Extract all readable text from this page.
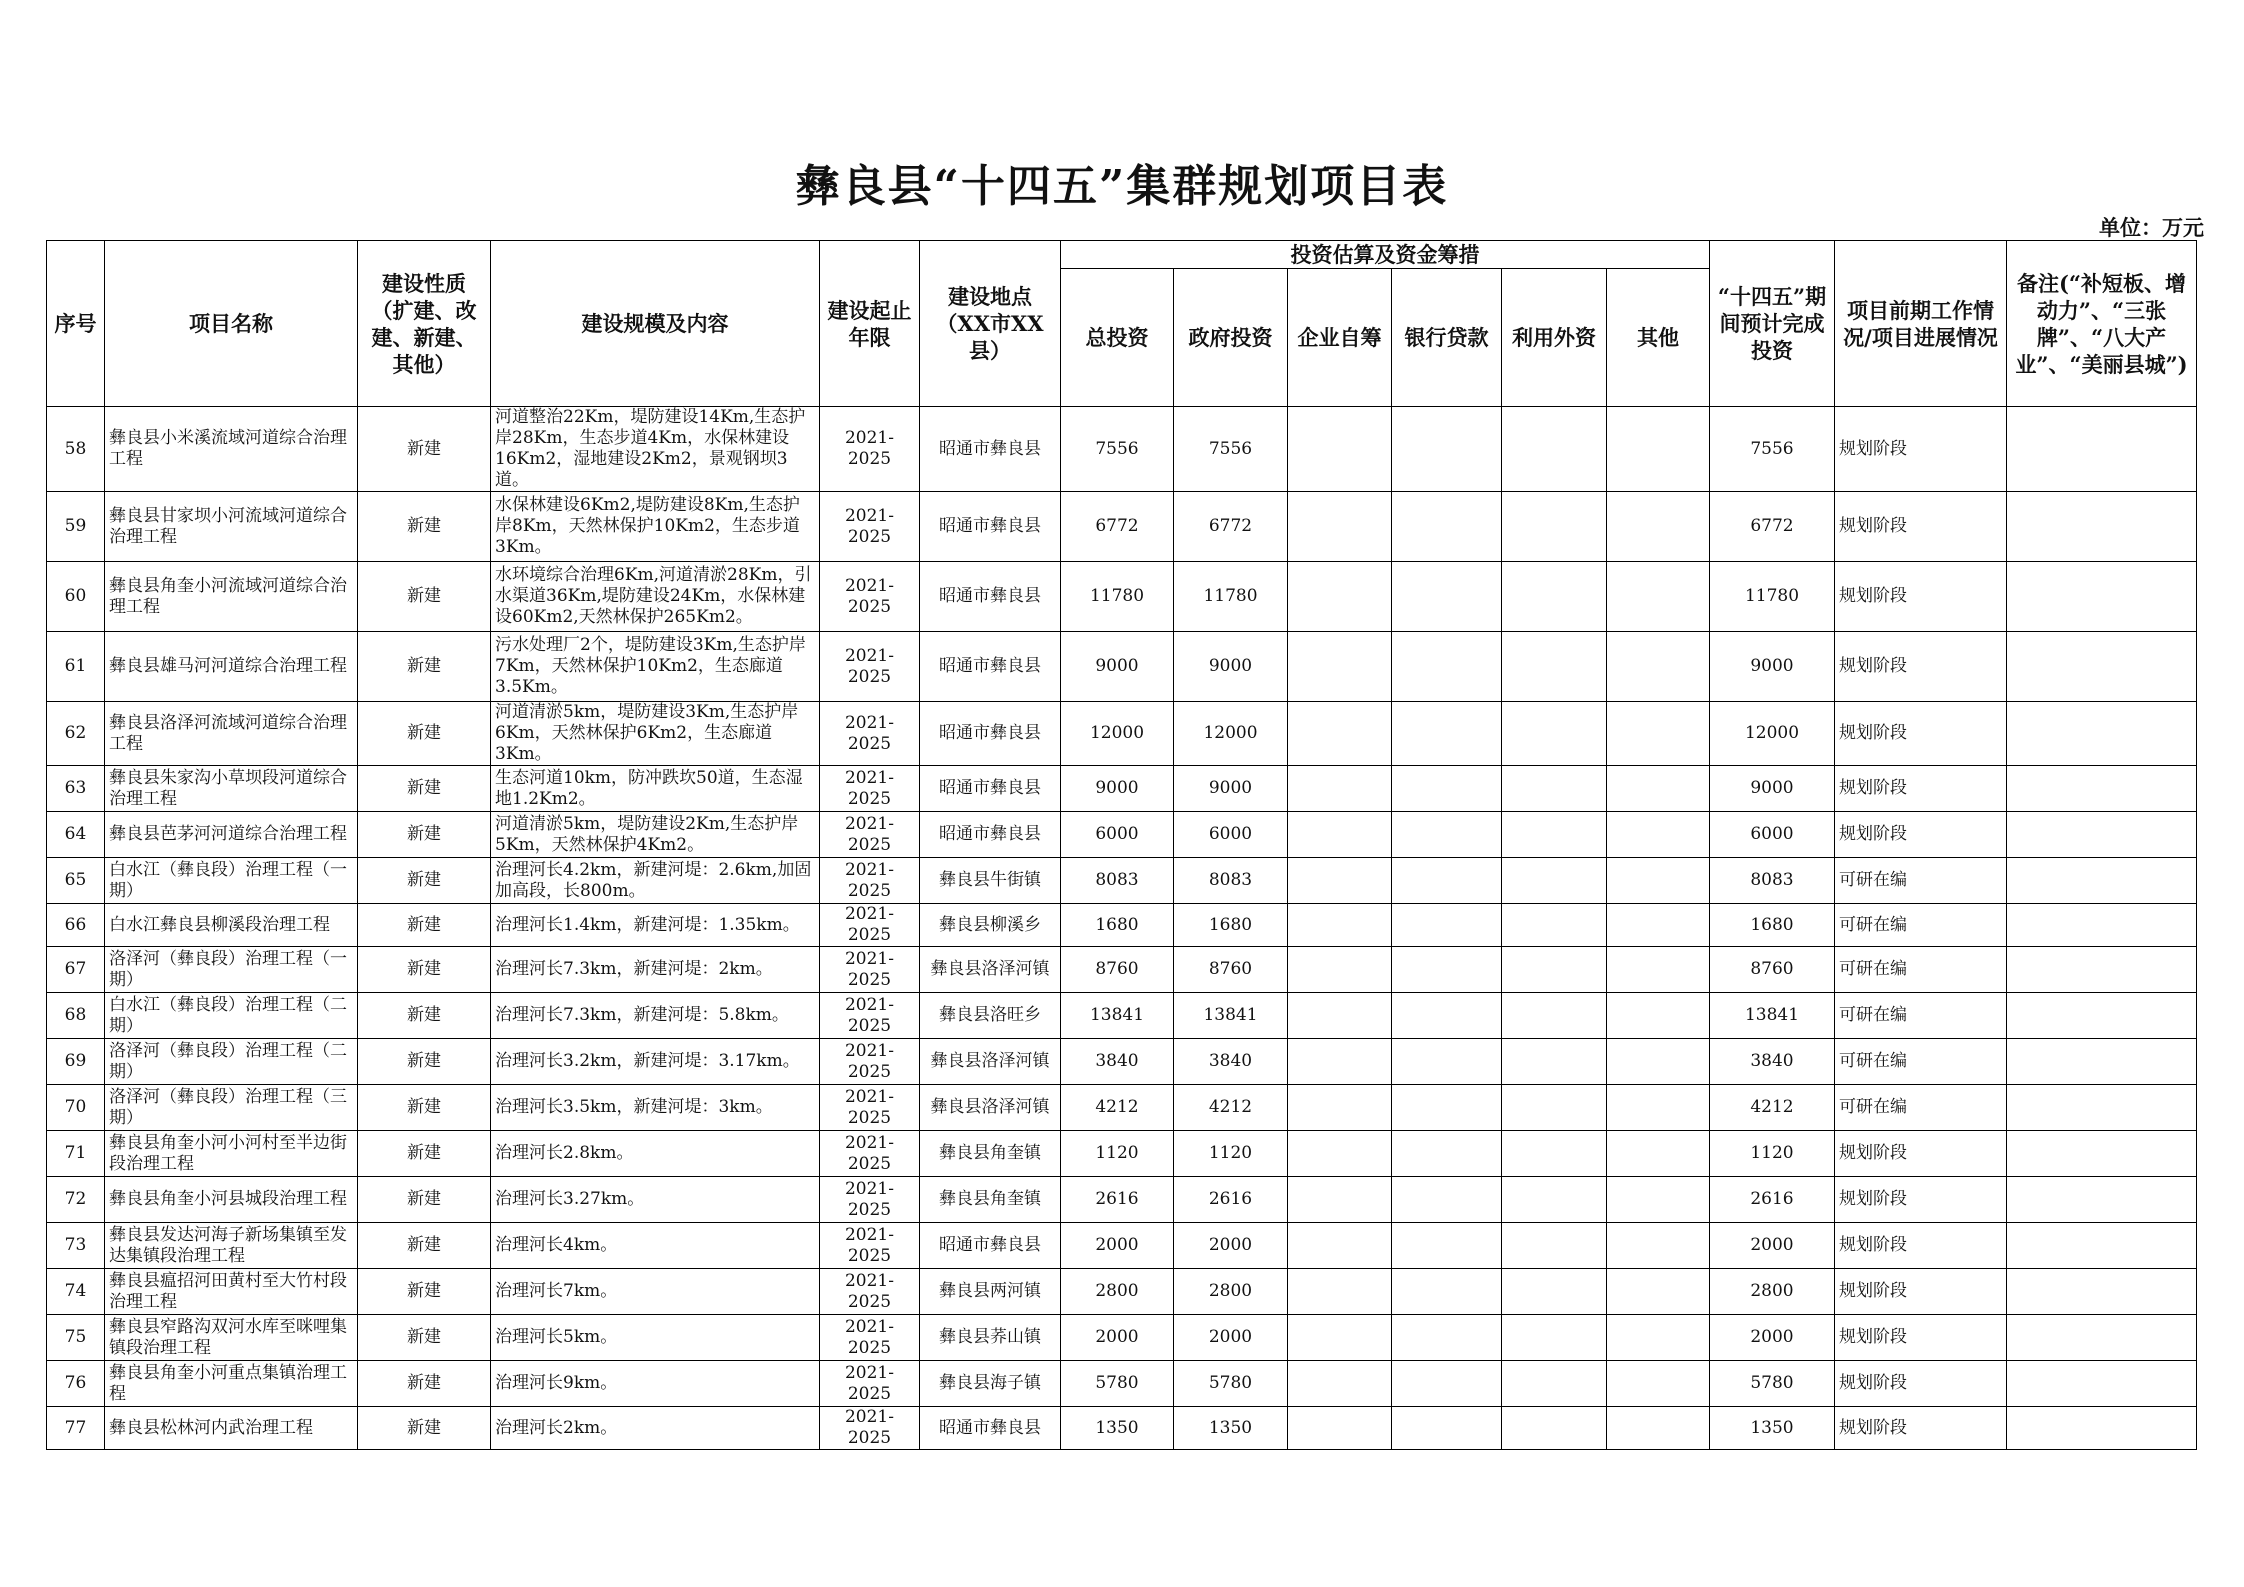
彝良县“十四五”集群规划项目表
单位：万元
序号	项目名称	建设性质（扩建、改建、新建、其他）	建设规模及内容	建设起止年限	建设地点（XX市XX县）	投资估算及资金筹措						“十四五”期间预计完成投资	项目前期工作情况/项目进展情况	备注(“补短板、增动力”、“三张牌”、“八大产业”、“美丽县城”)
						总投资	政府投资	企业自筹	银行贷款	利用外资	其他			
58	彝良县小米溪流域河道综合治理工程	新建	河道整治22Km，堤防建设14Km,生态护岸28Km，生态步道4Km，水保林建设16Km2，湿地建设2Km2，景观钢坝3道。	2021-2025	昭通市彝良县	7556	7556					7556	规划阶段	
59	彝良县甘家坝小河流域河道综合治理工程	新建	水保林建设6Km2,堤防建设8Km,生态护岸8Km，天然林保护10Km2，生态步道3Km。	2021-2025	昭通市彝良县	6772	6772					6772	规划阶段	
60	彝良县角奎小河流域河道综合治理工程	新建	水环境综合治理6Km,河道清淤28Km，引水渠道36Km,堤防建设24Km，水保林建设60Km2,天然林保护265Km2。	2021-2025	昭通市彝良县	11780	11780					11780	规划阶段	
61	彝良县雄马河河道综合治理工程	新建	污水处理厂2个，堤防建设3Km,生态护岸7Km，天然林保护10Km2，生态廊道3.5Km。	2021-2025	昭通市彝良县	9000	9000					9000	规划阶段	
62	彝良县洛泽河流域河道综合治理工程	新建	河道清淤5km，堤防建设3Km,生态护岸6Km，天然林保护6Km2，生态廊道3Km。	2021-2025	昭通市彝良县	12000	12000					12000	规划阶段	
63	彝良县朱家沟小草坝段河道综合治理工程	新建	生态河道10km，防冲跌坎50道，生态湿地1.2Km2。	2021-2025	昭通市彝良县	9000	9000					9000	规划阶段	
64	彝良县芭茅河河道综合治理工程	新建	河道清淤5km，堤防建设2Km,生态护岸5Km，天然林保护4Km2。	2021-2025	昭通市彝良县	6000	6000					6000	规划阶段	
65	白水江（彝良段）治理工程（一期）	新建	治理河长4.2km，新建河堤：2.6km,加固加高段，长800m。	2021-2025	彝良县牛街镇	8083	8083					8083	可研在编	
66	白水江彝良县柳溪段治理工程	新建	治理河长1.4km，新建河堤：1.35km。	2021-2025	彝良县柳溪乡	1680	1680					1680	可研在编	
67	洛泽河（彝良段）治理工程（一期）	新建	治理河长7.3km，新建河堤：2km。	2021-2025	彝良县洛泽河镇	8760	8760					8760	可研在编	
68	白水江（彝良段）治理工程（二期）	新建	治理河长7.3km，新建河堤：5.8km。	2021-2025	彝良县洛旺乡	13841	13841					13841	可研在编	
69	洛泽河（彝良段）治理工程（二期）	新建	治理河长3.2km，新建河堤：3.17km。	2021-2025	彝良县洛泽河镇	3840	3840					3840	可研在编	
70	洛泽河（彝良段）治理工程（三期）	新建	治理河长3.5km，新建河堤：3km。	2021-2025	彝良县洛泽河镇	4212	4212					4212	可研在编	
71	彝良县角奎小河小河村至半边街段治理工程	新建	治理河长2.8km。	2021-2025	彝良县角奎镇	1120	1120					1120	规划阶段	
72	彝良县角奎小河县城段治理工程	新建	治理河长3.27km。	2021-2025	彝良县角奎镇	2616	2616					2616	规划阶段	
73	彝良县发达河海子新场集镇至发达集镇段治理工程	新建	治理河长4km。	2021-2025	昭通市彝良县	2000	2000					2000	规划阶段	
74	彝良县瘟招河田黄村至大竹村段治理工程	新建	治理河长7km。	2021-2025	彝良县两河镇	2800	2800					2800	规划阶段	
75	彝良县窄路沟双河水库至咪哩集镇段治理工程	新建	治理河长5km。	2021-2025	彝良县荞山镇	2000	2000					2000	规划阶段	
76	彝良县角奎小河重点集镇治理工程	新建	治理河长9km。	2021-2025	彝良县海子镇	5780	5780					5780	规划阶段	
77	彝良县松林河内武治理工程	新建	治理河长2km。	2021-2025	昭通市彝良县	1350	1350					1350	规划阶段	
